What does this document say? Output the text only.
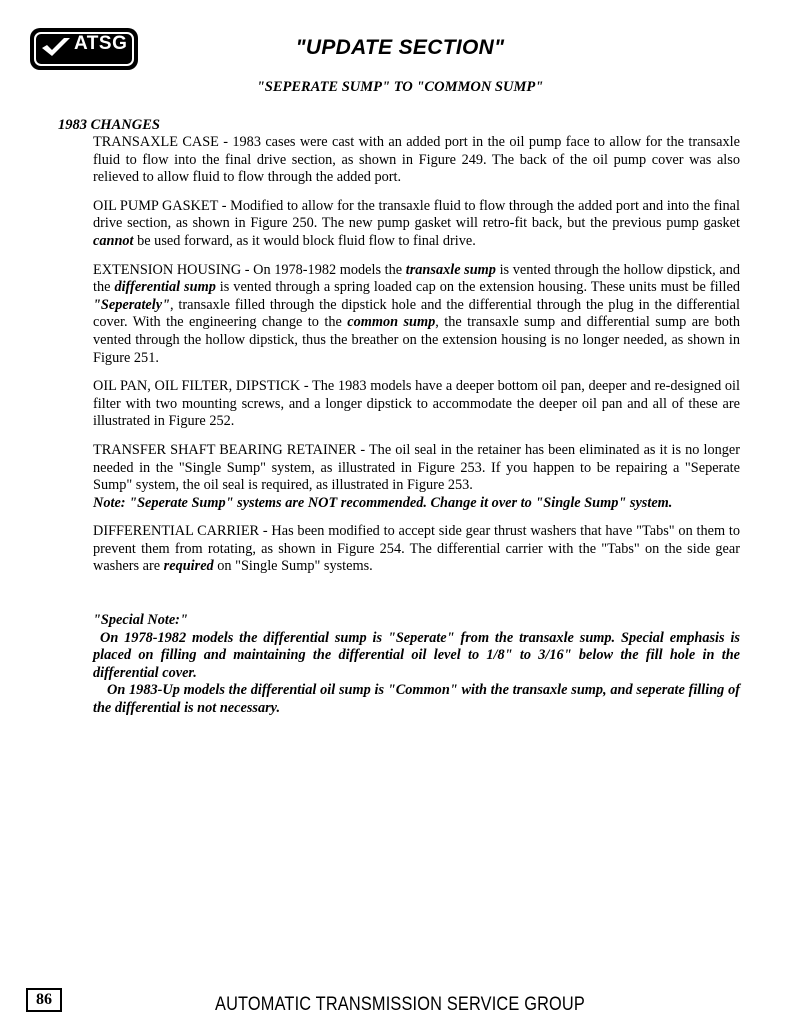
ATSG	"UPDATE SECTION"
"SEPERATE SUMP" TO "COMMON SUMP"
1983 CHANGES

TRANSAXLE CASE - 1983 cases were cast with an added port in the oil pump face to allow for the transaxle fluid to flow into the final drive section, as shown in Figure 249. The back of the oil pump cover was also relieved to allow fluid to flow through the added port.

OIL PUMP GASKET - Modified to allow for the transaxle fluid to flow through the added port and into the final drive section, as shown in Figure 250. The new pump gasket will retro-fit back, but the previous pump gasket cannot be used forward, as it would block fluid flow to final drive.

EXTENSION HOUSING - On 1978-1982 models the transaxle sump is vented through the hollow dipstick, and the differential sump is vented through a spring loaded cap on the extension housing. These units must be filled "Seperately", transaxle filled through the dipstick hole and the differential through the plug in the differential cover. With the engineering change to the common sump, the transaxle sump and differential sump are both vented through the hollow dipstick, thus the breather on the extension housing is no longer needed, as shown in Figure 251.

OIL PAN, OIL FILTER, DIPSTICK - The 1983 models have a deeper bottom oil pan, deeper and re-designed oil filter with two mounting screws, and a longer dipstick to accommodate the deeper oil pan and all of these are illustrated in Figure 252.

TRANSFER SHAFT BEARING RETAINER - The oil seal in the retainer has been eliminated as it is no longer needed in the "Single Sump" system, as illustrated in Figure 253. If you happen to be repairing a "Seperate Sump" system, the oil seal is required, as illustrated in Figure 253.
Note: "Seperate Sump" systems are NOT recommended. Change it over to "Single Sump" system.

DIFFERENTIAL CARRIER - Has been modified to accept side gear thrust washers that have "Tabs" on them to prevent them from rotating, as shown in Figure 254. The differential carrier with the "Tabs" on the side gear washers are required on "Single Sump" systems.

"Special Note:"

On 1978-1982 models the differential sump is "Seperate" from the transaxle sump. Special emphasis is placed on filling and maintaining the differential oil level to 1/8" to 3/16" below the fill hole in the differential cover.

On 1983-Up models the differential oil sump is "Common" with the transaxle sump, and seperate filling of the differential is not necessary.

86	AUTOMATIC TRANSMISSION SERVICE GROUP
